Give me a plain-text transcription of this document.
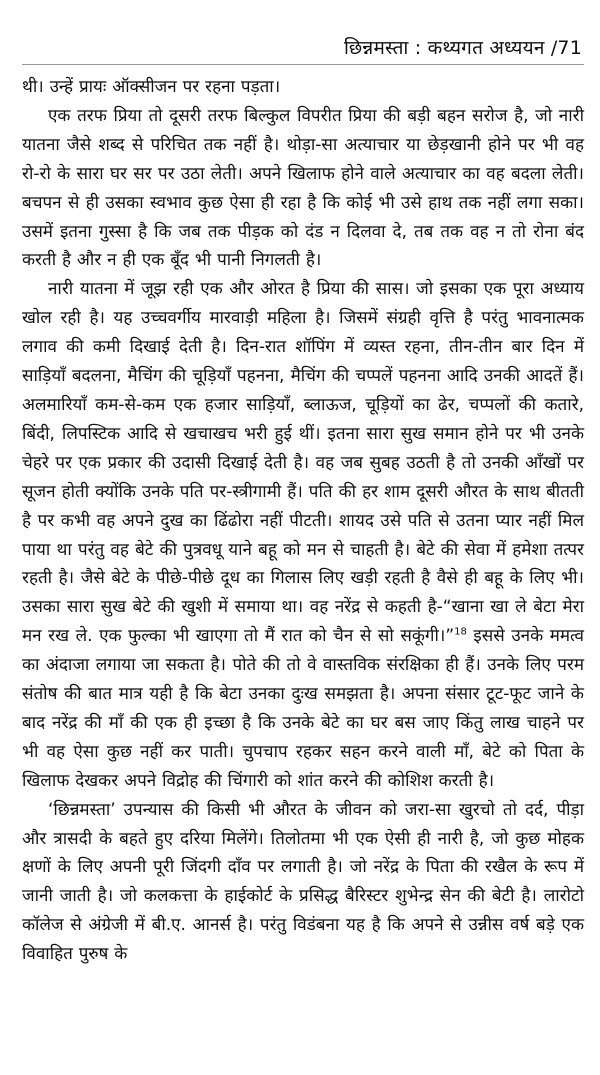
छिन्नमस्ता : कथ्यगत अध्ययन /71

थी। उन्हें प्रायः ऑक्सीजन पर रहना पड़ता।

एक तरफ प्रिया तो दूसरी तरफ बिल्कुल विपरीत प्रिया की बड़ी बहन सरोज है, जो नारी यातना जैसे शब्द से परिचित तक नहीं है। थोड़ा-सा अत्याचार या छेड़खानी होने पर भी वह रो-रो के सारा घर सर पर उठा लेती। अपने खिलाफ होने वाले अत्याचार का वह बदला लेती। बचपन से ही उसका स्वभाव कुछ ऐसा ही रहा है कि कोई भी उसे हाथ तक नहीं लगा सका। उसमें इतना गुस्सा है कि जब तक पीड़क को दंड न दिलवा दे, तब तक वह न तो रोना बंद करती है और न ही एक बूँद भी पानी निगलती है।

नारी यातना में जूझ रही एक और ओरत है प्रिया की सास। जो इसका एक पूरा अध्याय खोल रही है। यह उच्चवर्गीय मारवाड़ी महिला है। जिसमें संग्रही वृत्ति है परंतु भावनात्मक लगाव की कमी दिखाई देती है। दिन-रात शॉपिंग में व्यस्त रहना, तीन-तीन बार दिन में साड़ियाँ बदलना, मैचिंग की चूड़ियाँ पहनना, मैचिंग की चप्पलें पहनना आदि उनकी आदतें हैं। अलमारियाँ कम-से-कम एक हजार साड़ियाँ, ब्लाऊज, चूड़ियों का ढेर, चप्पलों की कतारे, बिंदी, लिपस्टिक आदि से खचाखच भरी हुई थीं। इतना सारा सुख समान होने पर भी उनके चेहरे पर एक प्रकार की उदासी दिखाई देती है। वह जब सुबह उठती है तो उनकी आँखों पर सूजन होती क्योंकि उनके पति पर-स्त्रीगामी हैं। पति की हर शाम दूसरी औरत के साथ बीतती है पर कभी वह अपने दुख का ढिंढोरा नहीं पीटती। शायद उसे पति से उतना प्यार नहीं मिल पाया था परंतु वह बेटे की पुत्रवधू याने बहू को मन से चाहती है। बेटे की सेवा में हमेशा तत्पर रहती है। जैसे बेटे के पीछे-पीछे दूध का गिलास लिए खड़ी रहती है वैसे ही बहू के लिए भी। उसका सारा सुख बेटे की खुशी में समाया था। वह नरेंद्र से कहती है-“खाना खा ले बेटा मेरा मन रख ले. एक फुल्का भी खाएगा तो मैं रात को चैन से सो सकूंगी।”$^{18}$ इससे उनके ममत्व का अंदाजा लगाया जा सकता है। पोते की तो वे वास्तविक संरक्षिका ही हैं। उनके लिए परम संतोष की बात मात्र यही है कि बेटा उनका दुःख समझता है। अपना संसार टूट-फूट जाने के बाद नरेंद्र की माँ की एक ही इच्छा है कि उनके बेटे का घर बस जाए किंतु लाख चाहने पर भी वह ऐसा कुछ नहीं कर पाती। चुपचाप रहकर सहन करने वाली माँ, बेटे को पिता के खिलाफ देखकर अपने विद्रोह की चिंगारी को शांत करने की कोशिश करती है।

‘छिन्नमस्ता’ उपन्यास की किसी भी औरत के जीवन को जरा-सा खुरचो तो दर्द, पीड़ा और त्रासदी के बहते हुए दरिया मिलेंगे। तिलोतमा भी एक ऐसी ही नारी है, जो कुछ मोहक क्षणों के लिए अपनी पूरी जिंदगी दाँव पर लगाती है। जो नरेंद्र के पिता की रखैल के रूप में जानी जाती है। जो कलकत्ता के हाईकोर्ट के प्रसिद्ध बैरिस्टर शुभेन्द्र सेन की बेटी है। लारोटो कॉलेज से अंग्रेजी में बी.ए. आनर्स है। परंतु विडंबना यह है कि अपने से उन्नीस वर्ष बड़े एक विवाहित पुरुष के
